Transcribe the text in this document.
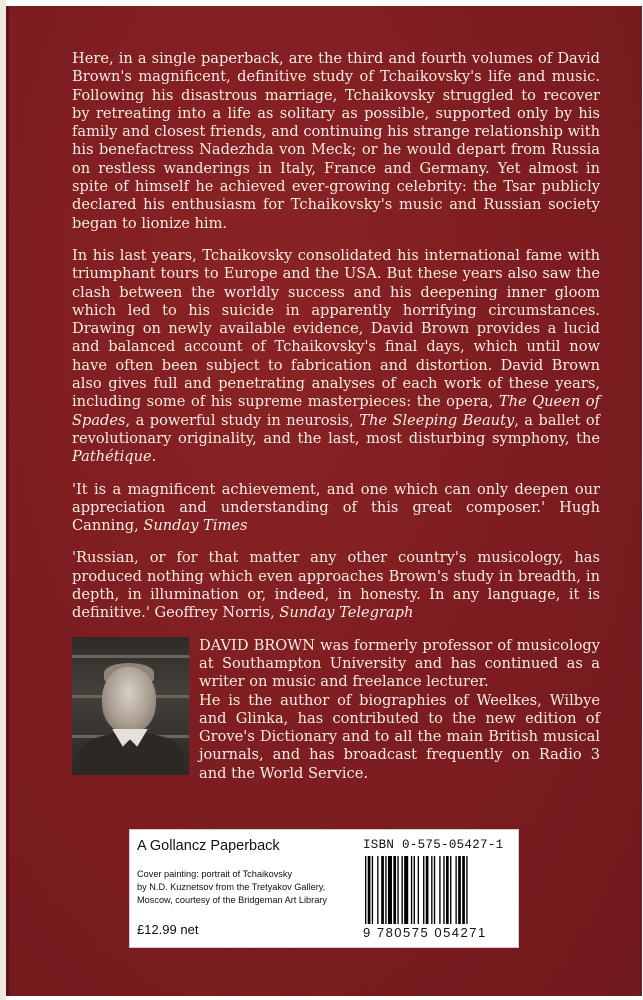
Here, in a single paperback, are the third and fourth volumes of David Brown's magnificent, definitive study of Tchaikovsky's life and music. Following his disastrous marriage, Tchaikovsky struggled to recover by retreating into a life as solitary as possible, supported only by his family and closest friends, and continuing his strange relationship with his benefactress Nadezhda von Meck; or he would depart from Russia on restless wanderings in Italy, France and Germany. Yet almost in spite of himself he achieved ever-growing celebrity: the Tsar publicly declared his enthusiasm for Tchaikovsky's music and Russian society began to lionize him.

In his last years, Tchaikovsky consolidated his international fame with triumphant tours to Europe and the USA. But these years also saw the clash between the worldly success and his deepening inner gloom which led to his suicide in apparently horrifying circumstances. Drawing on newly available evidence, David Brown provides a lucid and balanced account of Tchaikovsky's final days, which until now have often been subject to fabrication and distortion. David Brown also gives full and penetrating analyses of each work of these years, including some of his supreme masterpieces: the opera, The Queen of Spades, a powerful study in neurosis, The Sleeping Beauty, a ballet of revolutionary originality, and the last, most disturbing symphony, the Pathétique.

'It is a magnificent achievement, and one which can only deepen our appreciation and understanding of this great composer.' Hugh Canning, Sunday Times

'Russian, or for that matter any other country's musicology, has produced nothing which even approaches Brown's study in breadth, in depth, in illumination or, indeed, in honesty. In any language, it is definitive.' Geoffrey Norris, Sunday Telegraph

DAVID BROWN was formerly professor of musicology at Southampton University and has continued as a writer on music and freelance lecturer.

He is the author of biographies of Weelkes, Wilbye and Glinka, has contributed to the new edition of Grove's Dictionary and to all the main British musical journals, and has broadcast frequently on Radio 3 and the World Service.

A Gollancz Paperback
Cover painting: portrait of Tchaikovsky
by N.D. Kuznetsov from the Tretyakov Gallery,
Moscow, courtesy of the Bridgeman Art Library
£12.99 net
ISBN 0-575-05427-1
9 780575 054271
